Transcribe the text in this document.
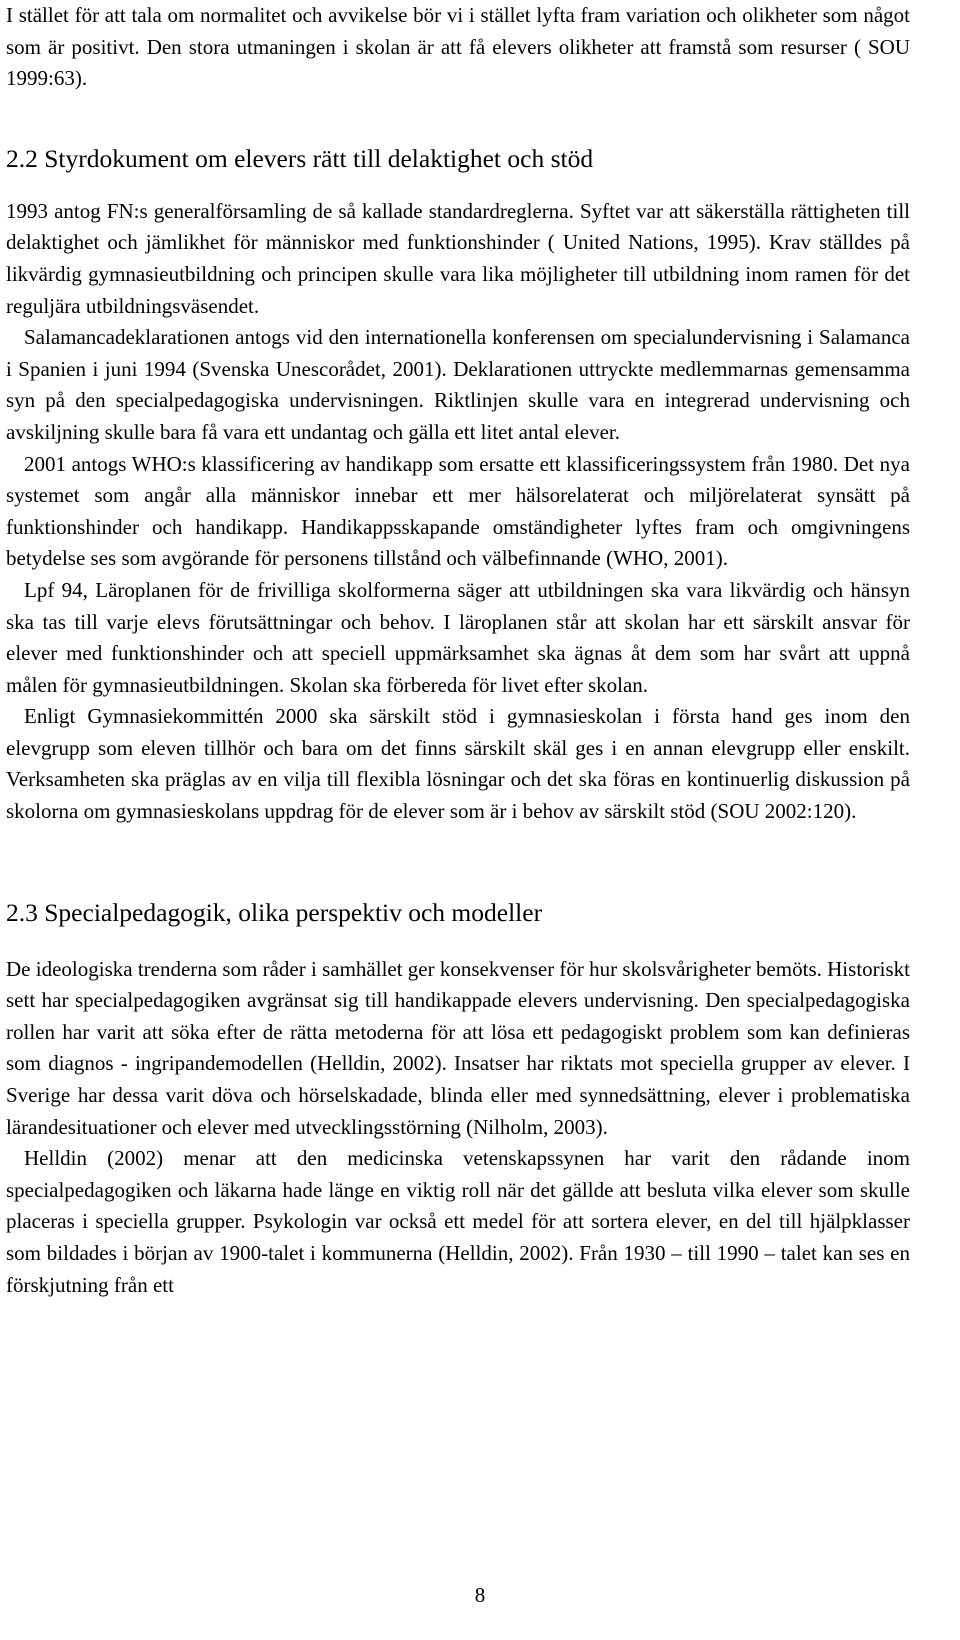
I stället för att tala om normalitet och avvikelse bör vi i stället lyfta fram variation och olikheter som något som är positivt. Den stora utmaningen i skolan är att få elevers olikheter att framstå som resurser ( SOU 1999:63).

2.2 Styrdokument om elevers rätt till delaktighet och stöd

1993 antog FN:s generalförsamling de så kallade standardreglerna. Syftet var att säkerställa rättigheten till delaktighet och jämlikhet för människor med funktionshinder ( United Nations, 1995). Krav ställdes på likvärdig gymnasieutbildning och principen skulle vara lika möjligheter till utbildning inom ramen för det reguljära utbildningsväsendet.

Salamancadeklarationen antogs vid den internationella konferensen om specialundervisning i Salamanca i Spanien i juni 1994 (Svenska Unescorådet, 2001). Deklarationen uttryckte medlemmarnas gemensamma syn på den specialpedagogiska undervisningen. Riktlinjen skulle vara en integrerad undervisning och avskiljning skulle bara få vara ett undantag och gälla ett litet antal elever.

2001 antogs WHO:s klassificering av handikapp som ersatte ett klassificeringssystem från 1980. Det nya systemet som angår alla människor innebar ett mer hälsorelaterat och miljörelaterat synsätt på funktionshinder och handikapp. Handikappsskapande omständigheter lyftes fram och omgivningens betydelse ses som avgörande för personens tillstånd och välbefinnande (WHO, 2001).

Lpf 94, Läroplanen för de frivilliga skolformerna säger att utbildningen ska vara likvärdig och hänsyn ska tas till varje elevs förutsättningar och behov. I läroplanen står att skolan har ett särskilt ansvar för elever med funktionshinder och att speciell uppmärksamhet ska ägnas åt dem som har svårt att uppnå målen för gymnasieutbildningen. Skolan ska förbereda för livet efter skolan.

Enligt Gymnasiekommittén 2000 ska särskilt stöd i gymnasieskolan i första hand ges inom den elevgrupp som eleven tillhör och bara om det finns särskilt skäl ges i en annan elevgrupp eller enskilt. Verksamheten ska präglas av en vilja till flexibla lösningar och det ska föras en kontinuerlig diskussion på skolorna om gymnasieskolans uppdrag för de elever som är i behov av särskilt stöd (SOU 2002:120).

2.3 Specialpedagogik, olika perspektiv och modeller

De ideologiska trenderna som råder i samhället ger konsekvenser för hur skolsvårigheter bemöts. Historiskt sett har specialpedagogiken avgränsat sig till handikappade elevers undervisning. Den specialpedagogiska rollen har varit att söka efter de rätta metoderna för att lösa ett pedagogiskt problem som kan definieras som diagnos - ingripandemodellen (Helldin, 2002). Insatser har riktats mot speciella grupper av elever. I Sverige har dessa varit döva och hörselskadade, blinda eller med synnedsättning, elever i problematiska lärandesituationer och elever med utvecklingsstörning (Nilholm, 2003).

Helldin (2002) menar att den medicinska vetenskapssynen har varit den rådande inom specialpedagogiken och läkarna hade länge en viktig roll när det gällde att besluta vilka elever som skulle placeras i speciella grupper. Psykologin var också ett medel för att sortera elever, en del till hjälpklasser som bildades i början av 1900-talet i kommunerna (Helldin, 2002). Från 1930 – till 1990 – talet kan ses en förskjutning från ett

8
